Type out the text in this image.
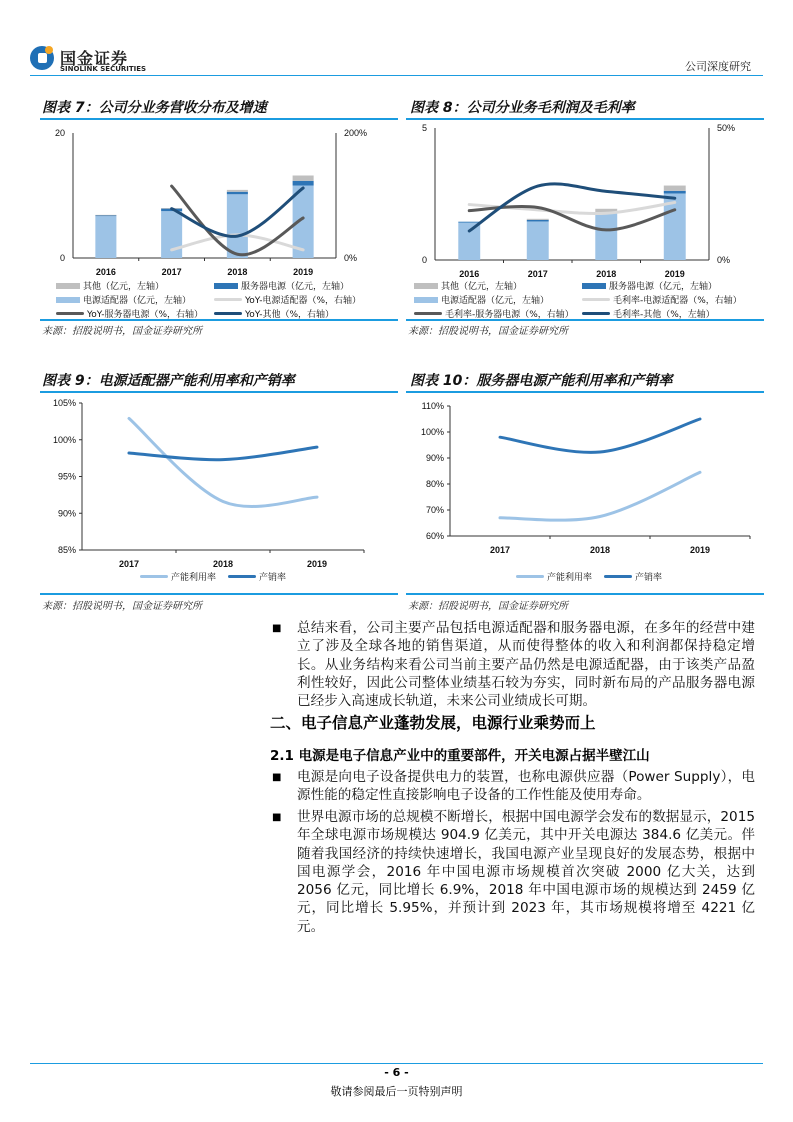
国金证券
SINOLINK SECURITIES	公司深度研究
图表 7：公司分业务营收分布及增速
来源：招股说明书，国金证券研究所
图表 8：公司分业务毛利润及毛利率
来源：招股说明书，国金证券研究所
图表 9：电源适配器产能利用率和产销率
来源：招股说明书，国金证券研究所
图表 10：服务器电源产能利用率和产销率
来源：招股说明书，国金证券研究所
其他（亿元，左轴）	服务器电源（亿元，左轴）
电源适配器（亿元，左轴）	YoY-电源适配器（%，右轴）
YoY-服务器电源（%，右轴）	YoY-其他（%，右轴）
其他（亿元，左轴）	服务器电源（亿元，左轴）
电源适配器（亿元，左轴）	毛利率-电源适配器（%，右轴）
毛利率-服务器电源（%，右轴）	毛利率-其他（%，左轴）
产能利用率	产销率	产能利用率	产销率
0
20
0%
200%
2016	2017	2018	2019
0
5
0%
50%
2016	2017	2018	2019
85%
90%
95%
100%
105%
2017	2018	2019
60%
70%
80%
90%
100%
110%
2017	2018	2019
■ 总结来看，公司主要产品包括电源适配器和服务器电源，在多年的经营中建立了涉及全球各地的销售渠道，从而使得整体的收入和利润都保持稳定增长。从业务结构来看公司当前主要产品仍然是电源适配器，由于该类产品盈利性较好，因此公司整体业绩基石较为夯实，同时新布局的产品服务器电源已经步入高速成长轨道，未来公司业绩成长可期。
二、电子信息产业蓬勃发展，电源行业乘势而上
2.1 电源是电子信息产业中的重要部件，开关电源占据半壁江山
■ 电源是向电子设备提供电力的装置，也称电源供应器（Power Supply），电源性能的稳定性直接影响电子设备的工作性能及使用寿命。
■ 世界电源市场的总规模不断增长，根据中国电源学会发布的数据显示，2015 年全球电源市场规模达 904.9 亿美元，其中开关电源达 384.6 亿美元。伴随着我国经济的持续快速增长，我国电源产业呈现良好的发展态势，根据中国电源学会，2016 年中国电源市场规模首次突破 2000 亿大关，达到 2056 亿元，同比增长 6.9%，2018 年中国电源市场的规模达到 2459 亿元，同比增长 5.95%，并预计到 2023 年，其市场规模将增至 4221 亿元。
- 6 -
敬请参阅最后一页特别声明
